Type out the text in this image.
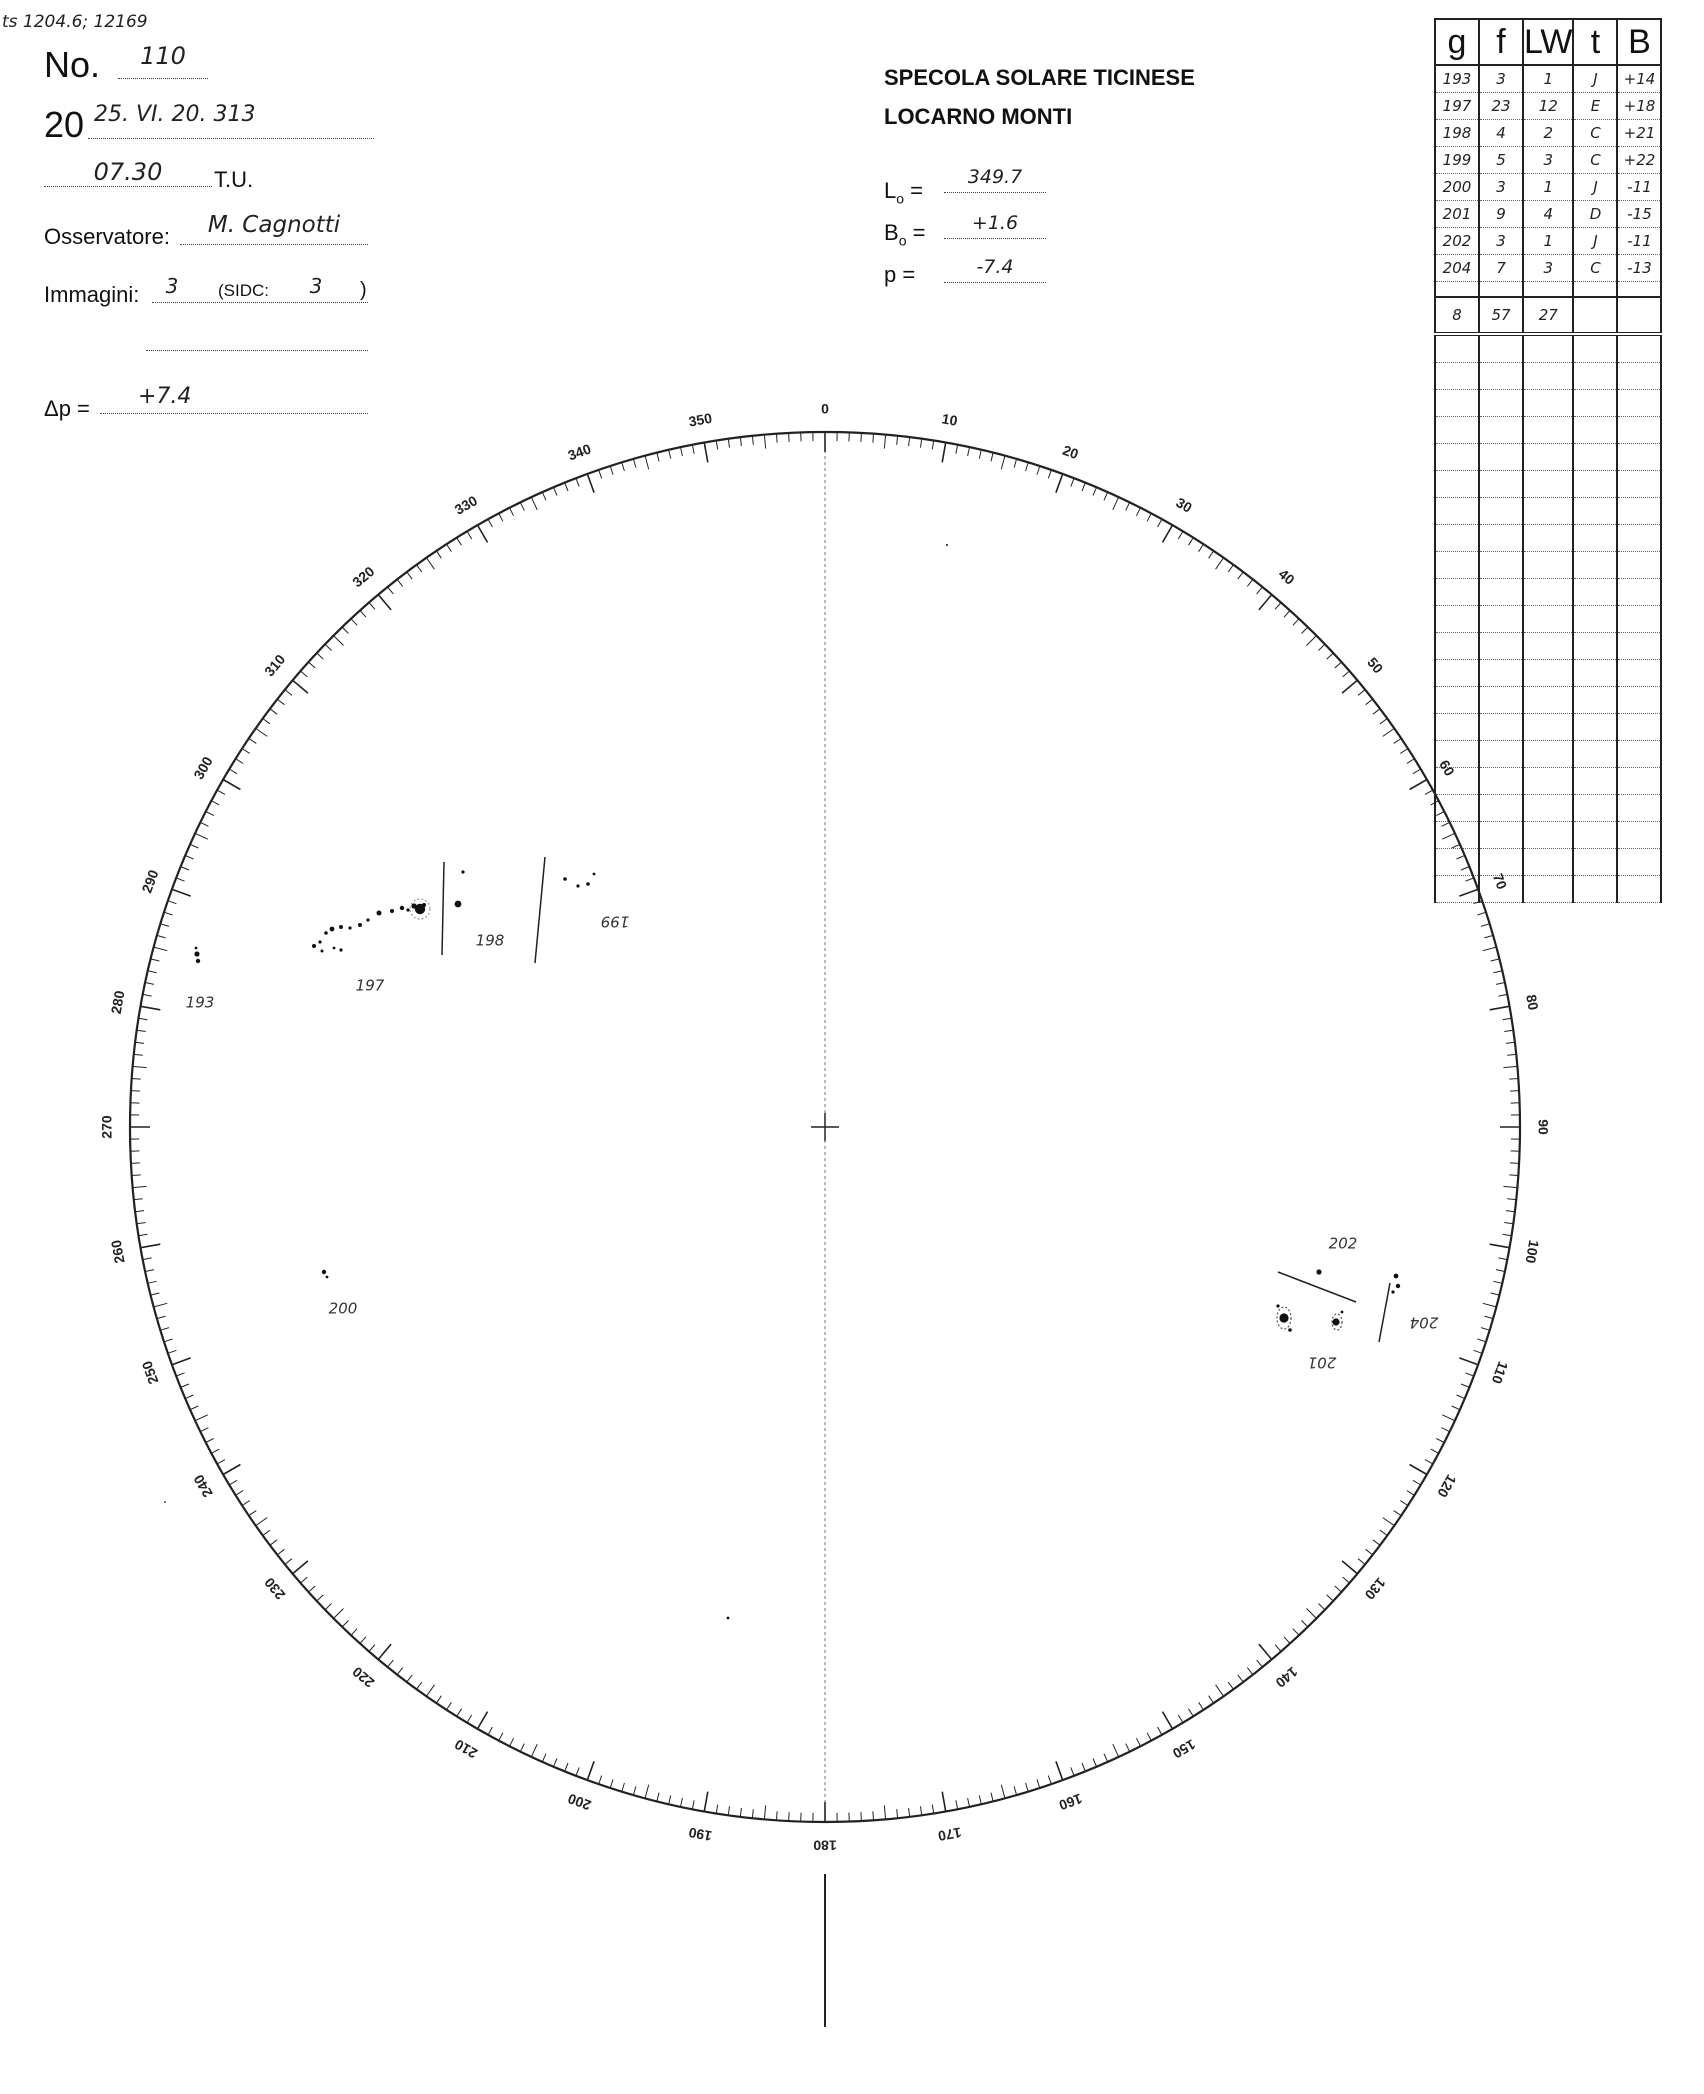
ts 1204.6; 12169
No.	110
20 25. VI. 20. 313
07.30	T.U.
Osservatore:	M. Cagnotti
Immagini:	3	(SIDC:	3	)
Δp =	+7.4
SPECOLA SOLARE TICINESE
LOCARNO MONTI
$L_o$ =
349.7
$B_o$ =	+1.6
p =	-7.4
g	f	LW	t	B
193	3	1	J	+14
197	23	12	E	+18
198	4	2	C	+21
199	5	3	C	+22
200	3	1	J	-11
201	9	4	D	-15
202	3	1	J	-11
204	7	3	C	-13

8	57	27		

0
10
20
30
40
50
60
70
80
90
100
110
120
130
140
150
160
170
180
190
200
210
220
230
240
250
260
270
280
290
300
310
320
330
340
350
193
197
198
199
200
201
202
204
